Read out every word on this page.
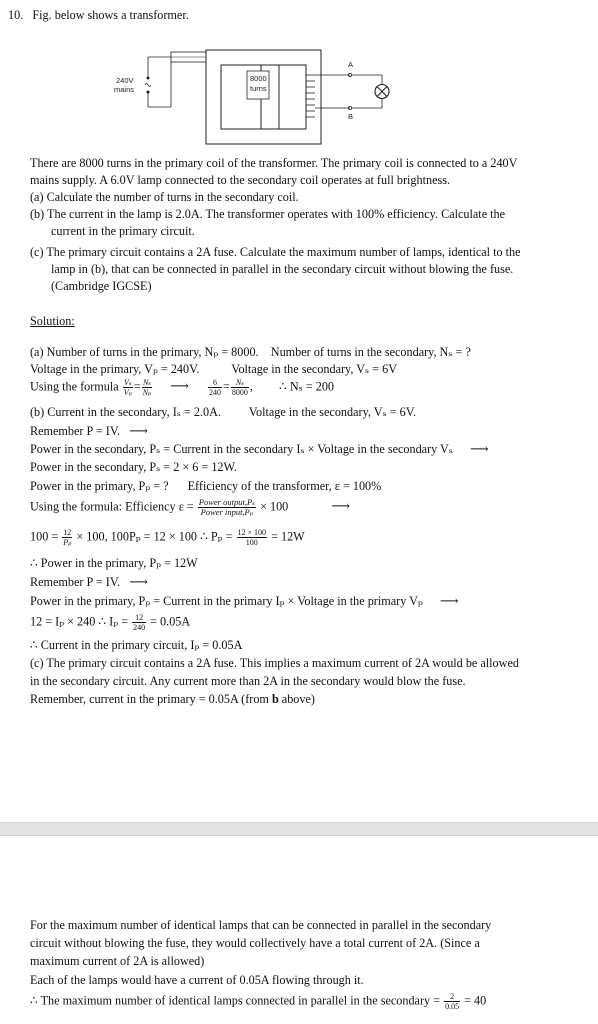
10. Fig. below shows a transformer.
240V
mains
8000
turns
A
B
There are 8000 turns in the primary coil of the transformer. The primary coil is connected to a 240V
mains supply. A 6.0V lamp connected to the secondary coil operates at full brightness.
(a) Calculate the number of turns in the secondary coil.
(b) The current in the lamp is 2.0A. The transformer operates with 100% efficiency. Calculate the
current in the primary circuit.
(c) The primary circuit contains a 2A fuse. Calculate the maximum number of lamps, identical to the
lamp in (b), that can be connected in parallel in the secondary circuit without blowing the fuse.
(Cambridge IGCSE)
Solution:
(a) Number of turns in the primary, Nₚ = 8000. Number of turns in the secondary, Nₛ = ?
Voltage in the primary, Vₚ = 240V.	Voltage in the secondary, Vₛ = 6V
Using the formula $\frac{\text{Vₛ}}{\text{Vₚ}} = \frac{\text{Nₛ}}{\text{Nₚ}}$ ⟶ $\frac{6}{240} = \frac{\text{Nₛ}}{8000}$ ,  ∴ Nₛ = 200
(b) Current in the secondary, Iₛ = 2.0A. Voltage in the secondary, Vₛ = 6V.
Remember P = IV. ⟶
Power in the secondary, Pₛ = Current in the secondary Iₛ × Voltage in the secondary Vₛ ⟶
Power in the secondary, Pₛ = 2 × 6 = 12W.
Power in the primary, Pₚ = ? Efficiency of the transformer, ε = 100%
Using the formula: Efficiency $\varepsilon = \frac{\text{Power output,Pₛ}}{\text{Power input,Pₚ}} \times 100$	⟶
$100 = \frac{12}{\text{Pₚ}} \times 100$, 100Pₚ = 12 × 100 ∴ $P_p = \frac{12 \times 100}{100} = 12W$
∴ Power in the primary, Pₚ = 12W
Remember P = IV. ⟶
Power in the primary, Pₚ = Current in the primary Iₚ × Voltage in the primary Vₚ ⟶
12 = Iₚ × 240 ∴ $I_p = \frac{12}{240} = 0.05A$
∴ Current in the primary circuit, Iₚ = 0.05A
(c) The primary circuit contains a 2A fuse. This implies a maximum current of 2A would be allowed
in the secondary circuit. Any current more than 2A in the secondary would blow the fuse.
Remember, current in the primary = 0.05A (from b above)
For the maximum number of identical lamps that can be connected in parallel in the secondary
circuit without blowing the fuse, they would collectively have a total current of 2A. (Since a
maximum current of 2A is allowed)
Each of the lamps would have a current of 0.05A flowing through it.
∴ The maximum number of identical lamps connected in parallel in the secondary = $\frac{2}{0.05} = 40$
